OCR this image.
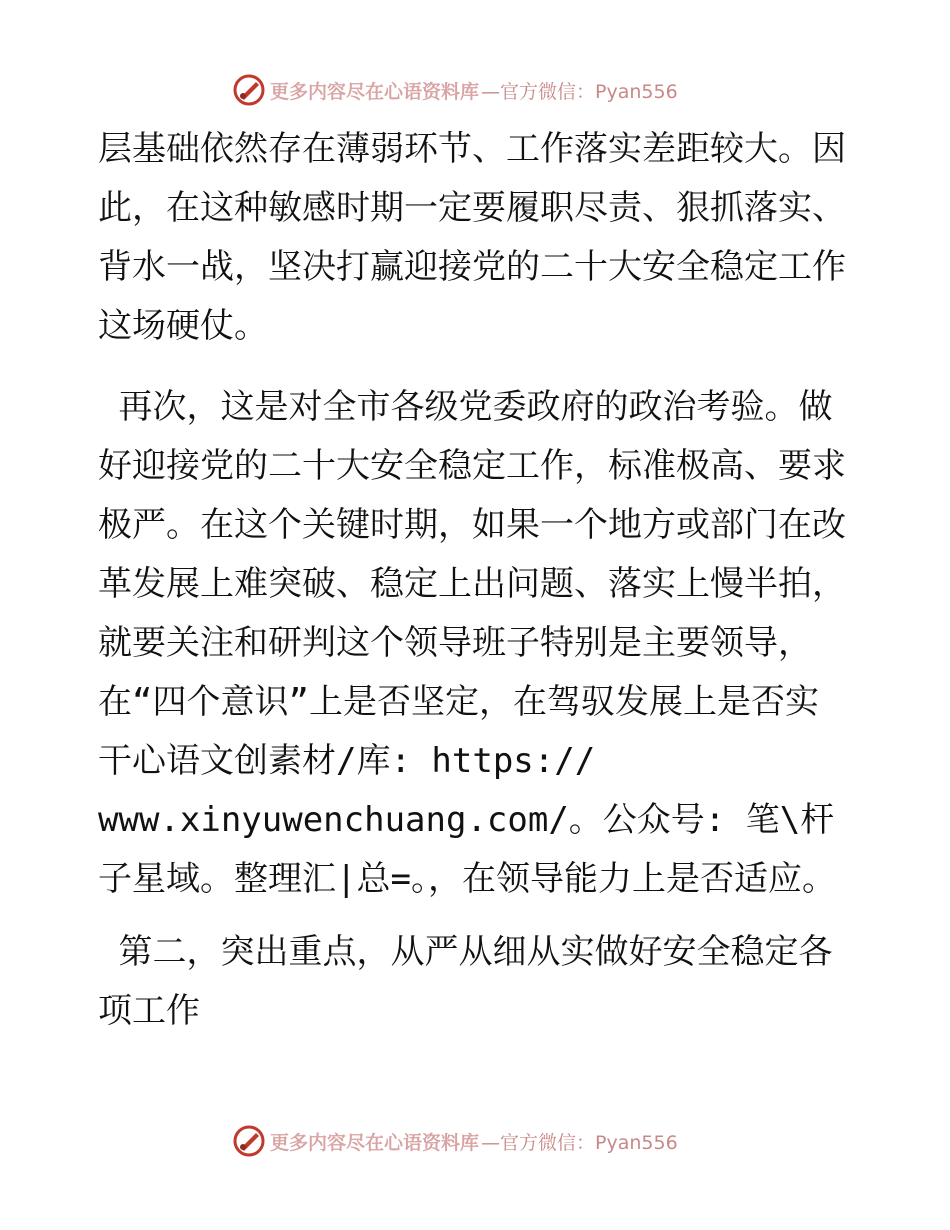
更多内容尽在心语资料库 —官方微信：Pyan556

层基础依然存在薄弱环节、工作落实差距较大。因此，在这种敏感时期一定要履职尽责、狠抓落实、背水一战，坚决打赢迎接党的二十大安全稳定工作这场硬仗。

再次，这是对全市各级党委政府的政治考验。做好迎接党的二十大安全稳定工作，标准极高、要求极严。在这个关键时期，如果一个地方或部门在改革发展上难突破、稳定上出问题、落实上慢半拍，就要关注和研判这个领导班子特别是主要领导，

在“四个意识”上是否坚定，在驾驭发展上是否实

干心语文创素材/库: https://

www.xinyuwenchuang.com/。公众号: 笔\杆子星域。整理汇|总=。，在领导能力上是否适应。

第二，突出重点，从严从细从实做好安全稳定各项工作

更多内容尽在心语资料库 —官方微信：Pyan556
